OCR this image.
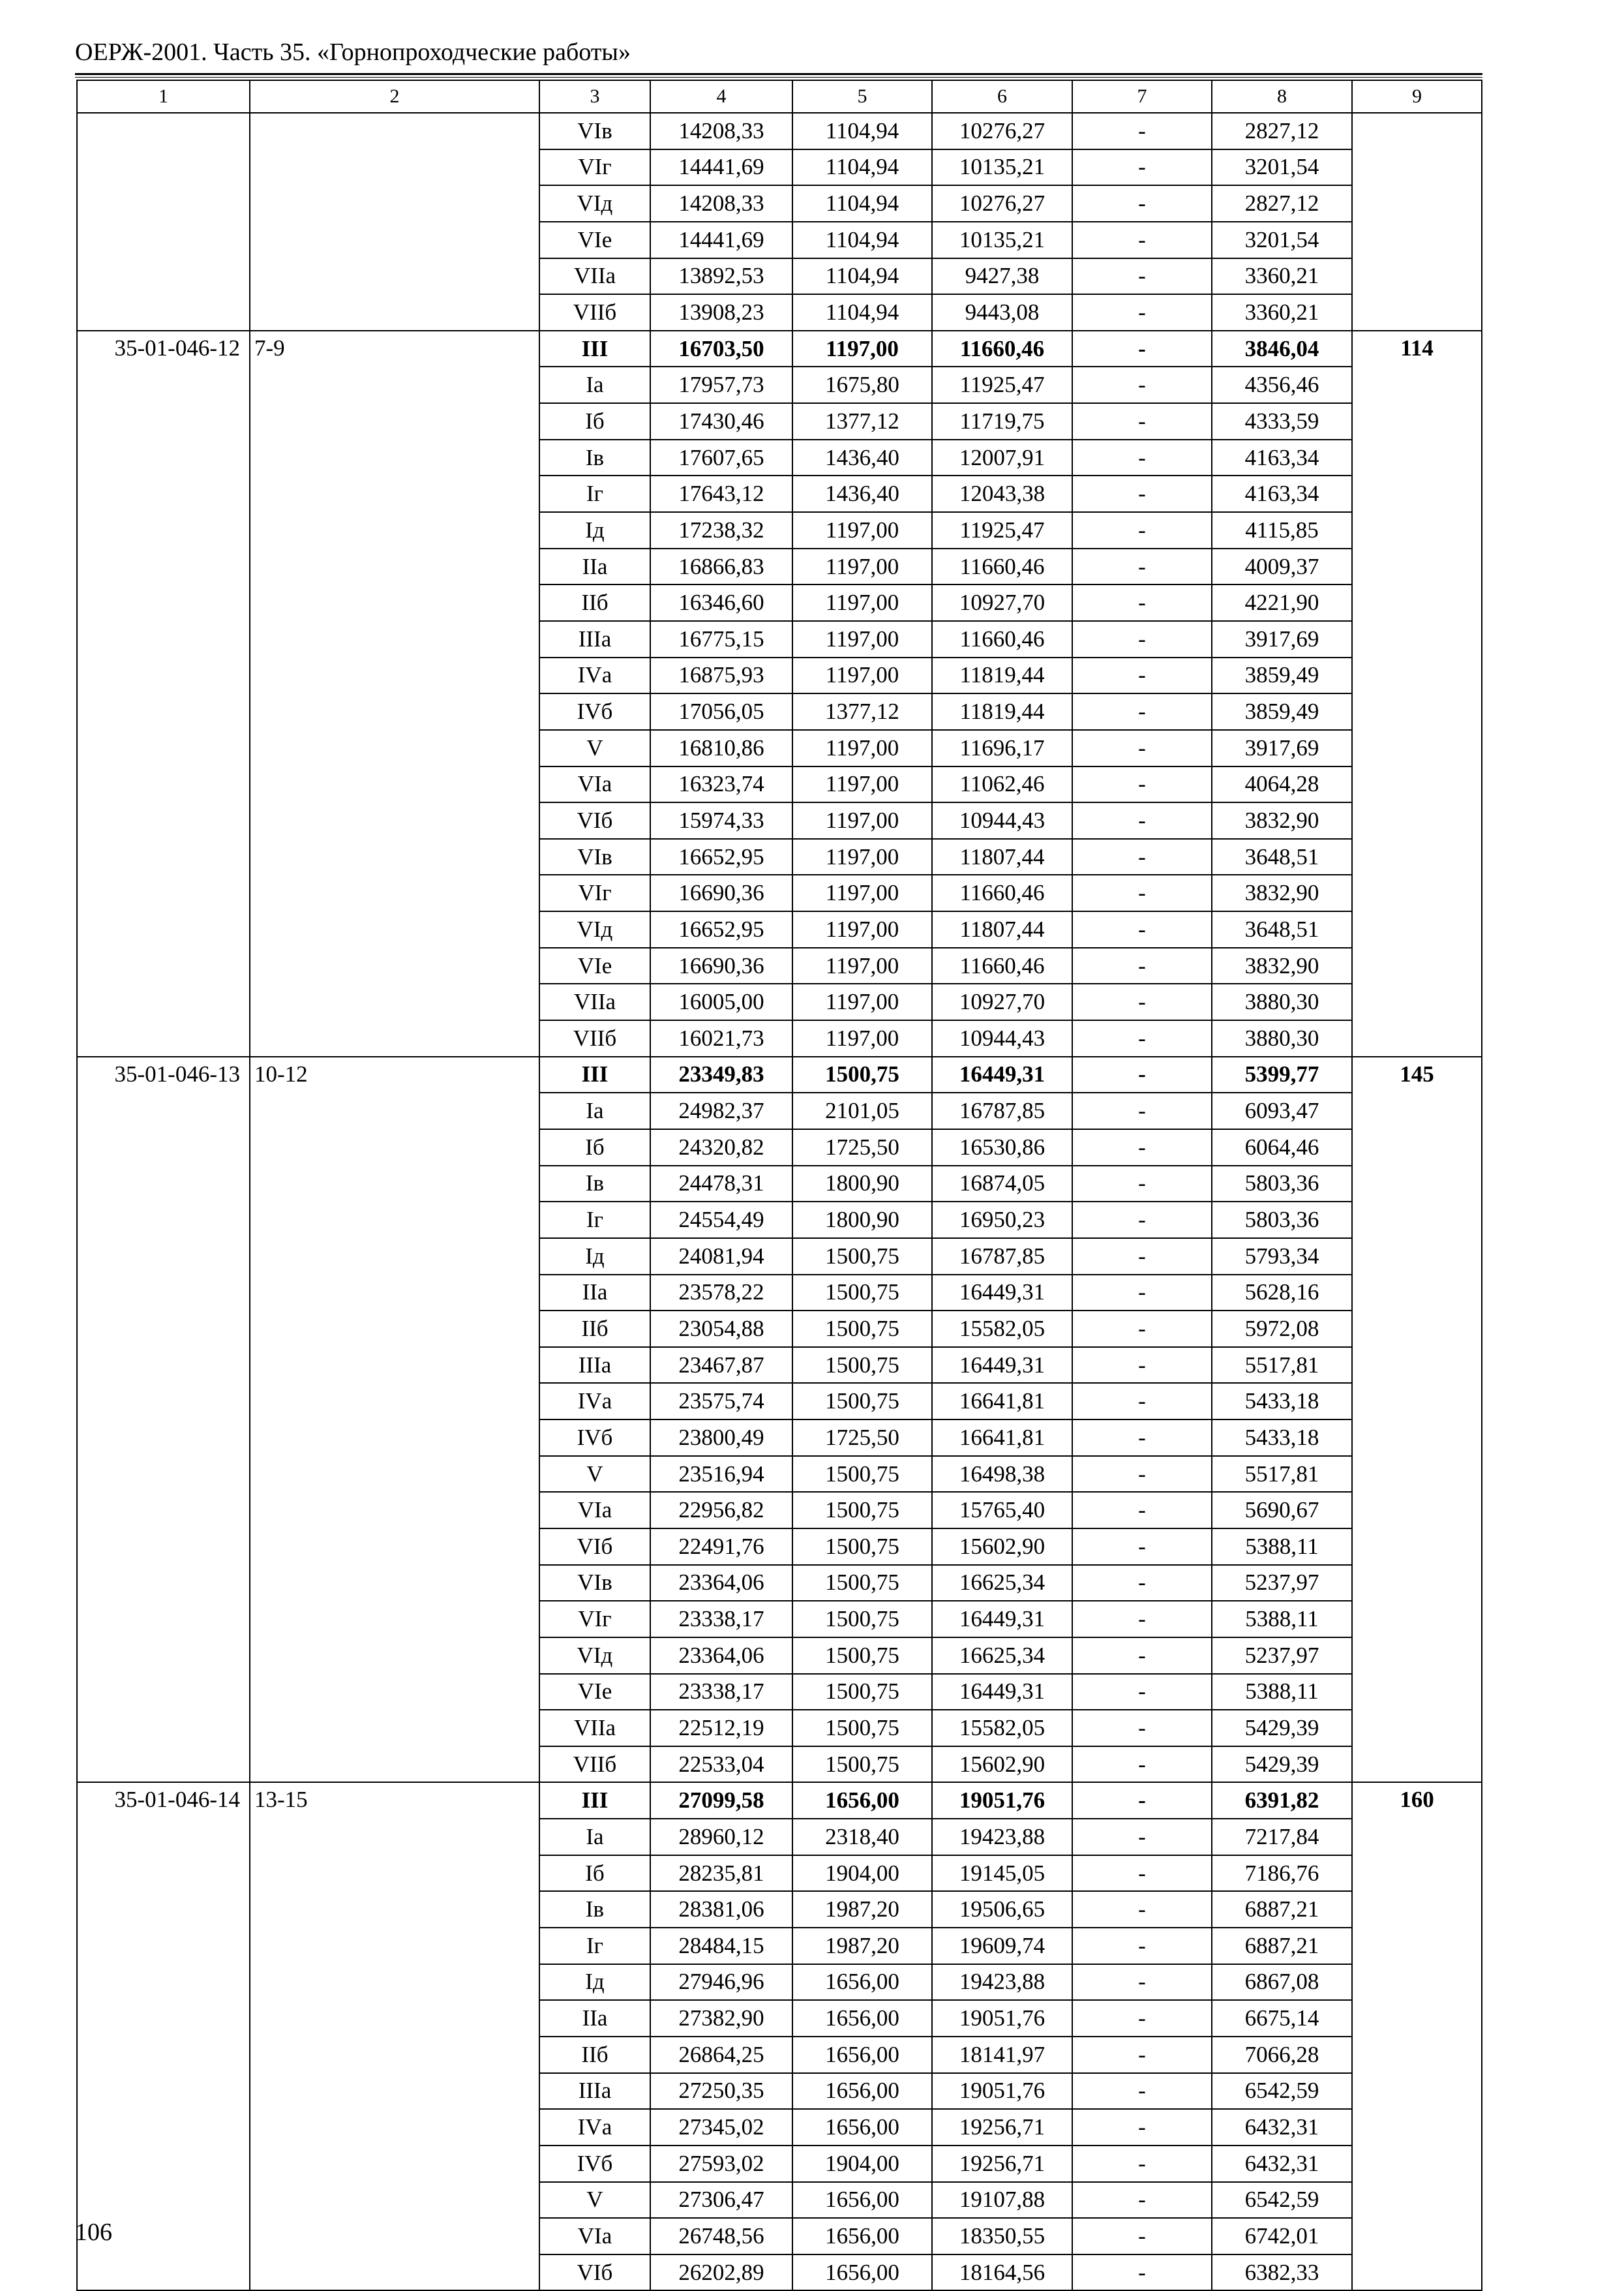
ОЕРЖ-2001. Часть 35. «Горнопроходческие работы»
1	2	3	4	5	6	7	8	9
		VIв	14208,33	1104,94	10276,27	-	2827,12	
		VIг	14441,69	1104,94	10135,21	-	3201,54	
		VIд	14208,33	1104,94	10276,27	-	2827,12	
		VIе	14441,69	1104,94	10135,21	-	3201,54	
		VIIа	13892,53	1104,94	9427,38	-	3360,21	
		VIIб	13908,23	1104,94	9443,08	-	3360,21	
35-01-046-12	7-9	III	16703,50	1197,00	11660,46	-	3846,04	114
		Iа	17957,73	1675,80	11925,47	-	4356,46	
		Iб	17430,46	1377,12	11719,75	-	4333,59	
		Iв	17607,65	1436,40	12007,91	-	4163,34	
		Iг	17643,12	1436,40	12043,38	-	4163,34	
		Iд	17238,32	1197,00	11925,47	-	4115,85	
		IIа	16866,83	1197,00	11660,46	-	4009,37	
		IIб	16346,60	1197,00	10927,70	-	4221,90	
		IIIа	16775,15	1197,00	11660,46	-	3917,69	
		IVа	16875,93	1197,00	11819,44	-	3859,49	
		IVб	17056,05	1377,12	11819,44	-	3859,49	
		V	16810,86	1197,00	11696,17	-	3917,69	
		VIа	16323,74	1197,00	11062,46	-	4064,28	
		VIб	15974,33	1197,00	10944,43	-	3832,90	
		VIв	16652,95	1197,00	11807,44	-	3648,51	
		VIг	16690,36	1197,00	11660,46	-	3832,90	
		VIд	16652,95	1197,00	11807,44	-	3648,51	
		VIе	16690,36	1197,00	11660,46	-	3832,90	
		VIIа	16005,00	1197,00	10927,70	-	3880,30	
		VIIб	16021,73	1197,00	10944,43	-	3880,30	
35-01-046-13	10-12	III	23349,83	1500,75	16449,31	-	5399,77	145
		Iа	24982,37	2101,05	16787,85	-	6093,47	
		Iб	24320,82	1725,50	16530,86	-	6064,46	
		Iв	24478,31	1800,90	16874,05	-	5803,36	
		Iг	24554,49	1800,90	16950,23	-	5803,36	
		Iд	24081,94	1500,75	16787,85	-	5793,34	
		IIа	23578,22	1500,75	16449,31	-	5628,16	
		IIб	23054,88	1500,75	15582,05	-	5972,08	
		IIIа	23467,87	1500,75	16449,31	-	5517,81	
		IVа	23575,74	1500,75	16641,81	-	5433,18	
		IVб	23800,49	1725,50	16641,81	-	5433,18	
		V	23516,94	1500,75	16498,38	-	5517,81	
		VIа	22956,82	1500,75	15765,40	-	5690,67	
		VIб	22491,76	1500,75	15602,90	-	5388,11	
		VIв	23364,06	1500,75	16625,34	-	5237,97	
		VIг	23338,17	1500,75	16449,31	-	5388,11	
		VIд	23364,06	1500,75	16625,34	-	5237,97	
		VIе	23338,17	1500,75	16449,31	-	5388,11	
		VIIа	22512,19	1500,75	15582,05	-	5429,39	
		VIIб	22533,04	1500,75	15602,90	-	5429,39	
35-01-046-14	13-15	III	27099,58	1656,00	19051,76	-	6391,82	160
		Iа	28960,12	2318,40	19423,88	-	7217,84	
		Iб	28235,81	1904,00	19145,05	-	7186,76	
		Iв	28381,06	1987,20	19506,65	-	6887,21	
		Iг	28484,15	1987,20	19609,74	-	6887,21	
		Iд	27946,96	1656,00	19423,88	-	6867,08	
		IIа	27382,90	1656,00	19051,76	-	6675,14	
		IIб	26864,25	1656,00	18141,97	-	7066,28	
		IIIа	27250,35	1656,00	19051,76	-	6542,59	
		IVа	27345,02	1656,00	19256,71	-	6432,31	
		IVб	27593,02	1904,00	19256,71	-	6432,31	
		V	27306,47	1656,00	19107,88	-	6542,59	
		VIа	26748,56	1656,00	18350,55	-	6742,01	
		VIб	26202,89	1656,00	18164,56	-	6382,33	
106
